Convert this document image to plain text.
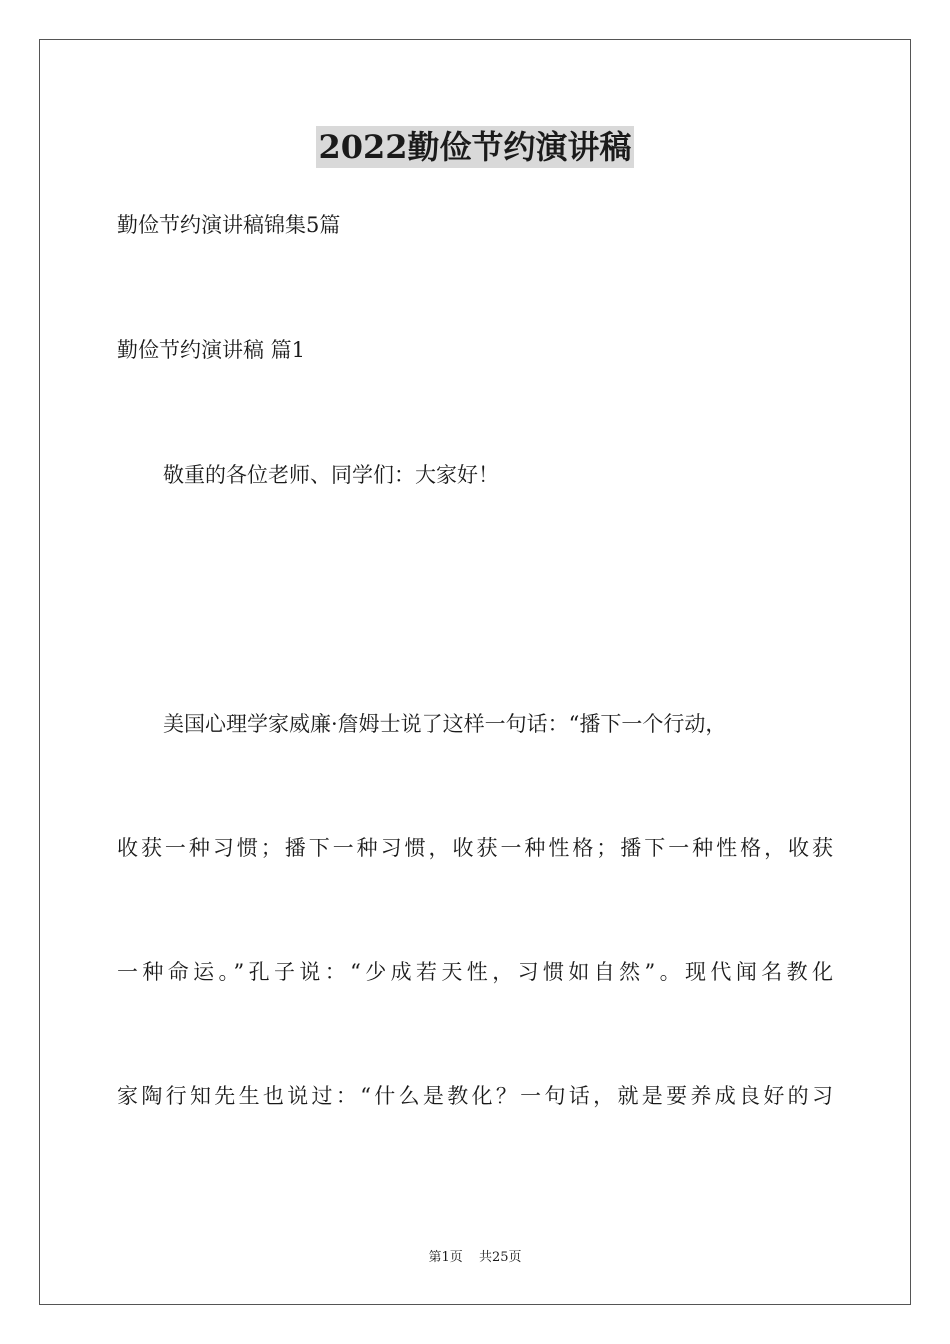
2022勤俭节约演讲稿
勤俭节约演讲稿锦集5篇
勤俭节约演讲稿 篇1
敬重的各位老师、同学们：大家好！
美国心理学家威廉·詹姆士说了这样一句话：“播下一个行动，
收获一种习惯；播下一种习惯，收获一种性格；播下一种性格，收获
一种命运。”孔子说：“少成若天性，习惯如自然”。现代闻名教化
家陶行知先生也说过：“什么是教化？一句话，就是要养成良好的习
第1页 共25页
